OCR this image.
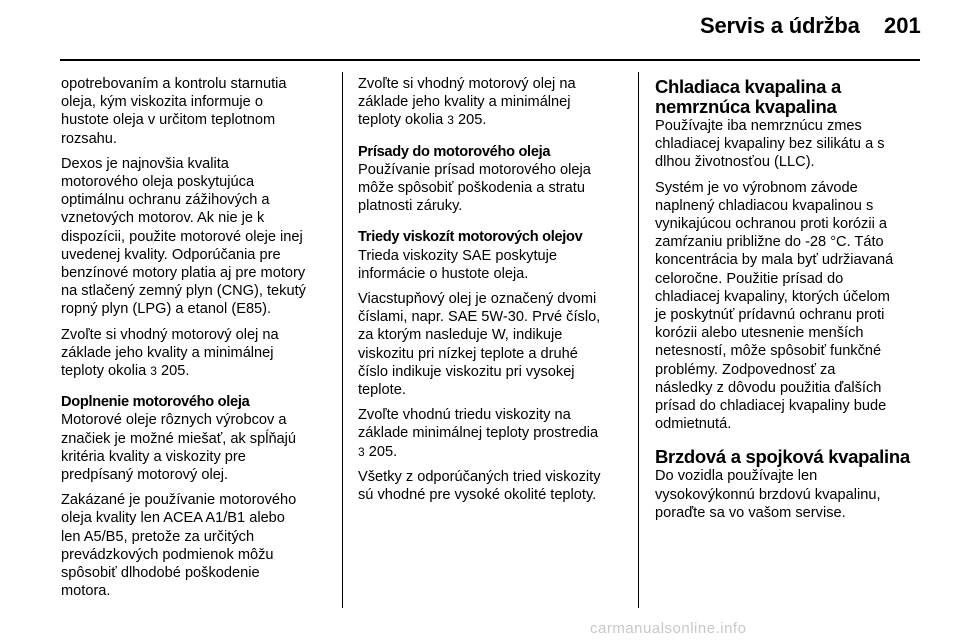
Servis a údržba 201

opotrebovaním a kontrolu starnutia
oleja, kým viskozita informuje o
hustote oleja v určitom teplotnom
rozsahu.

Dexos je najnovšia kvalita
motorového oleja poskytujúca
optimálnu ochranu zážihových a
vznetových motorov. Ak nie je k
dispozícii, použite motorové oleje inej
uvedenej kvality. Odporúčania pre
benzínové motory platia aj pre motory
na stlačený zemný plyn (CNG), tekutý
ropný plyn (LPG) a etanol (E85).

Zvoľte si vhodný motorový olej na
základe jeho kvality a minimálnej
teploty okolia 3 205.

Doplnenie motorového oleja

Motorové oleje rôznych výrobcov a
značiek je možné miešať, ak spĺňajú
kritéria kvality a viskozity pre
predpísaný motorový olej.

Zakázané je používanie motorového
oleja kvality len ACEA A1/B1 alebo
len A5/B5, pretože za určitých
prevádzkových podmienok môžu
spôsobiť dlhodobé poškodenie
motora.

Zvoľte si vhodný motorový olej na
základe jeho kvality a minimálnej
teploty okolia 3 205.

Prísady do motorového oleja

Používanie prísad motorového oleja
môže spôsobiť poškodenia a stratu
platnosti záruky.

Triedy viskozít motorových olejov

Trieda viskozity SAE poskytuje
informácie o hustote oleja.

Viacstupňový olej je označený dvomi
číslami, napr. SAE 5W-30. Prvé číslo,
za ktorým nasleduje W, indikuje
viskozitu pri nízkej teplote a druhé
číslo indikuje viskozitu pri vysokej
teplote.

Zvoľte vhodnú triedu viskozity na
základe minimálnej teploty prostredia
3 205.

Všetky z odporúčaných tried viskozity
sú vhodné pre vysoké okolité teploty.

Chladiaca kvapalina a
nemrznúca kvapalina

Používajte iba nemrznúcu zmes
chladiacej kvapaliny bez silikátu a s
dlhou životnosťou (LLC).

Systém je vo výrobnom závode
naplnený chladiacou kvapalinou s
vynikajúcou ochranou proti korózii a
zamŕzaniu približne do -28 °C. Táto
koncentrácia by mala byť udržiavaná
celoročne. Použitie prísad do
chladiacej kvapaliny, ktorých účelom
je poskytnúť prídavnú ochranu proti
korózii alebo utesnenie menších
netesností, môže spôsobiť funkčné
problémy. Zodpovednosť za
následky z dôvodu použitia ďalších
prísad do chladiacej kvapaliny bude
odmietnutá.

Brzdová a spojková kvapalina

Do vozidla používajte len
vysokovýkonnú brzdovú kvapalinu,
poraďte sa vo vašom servise.

carmanualsonline.info
